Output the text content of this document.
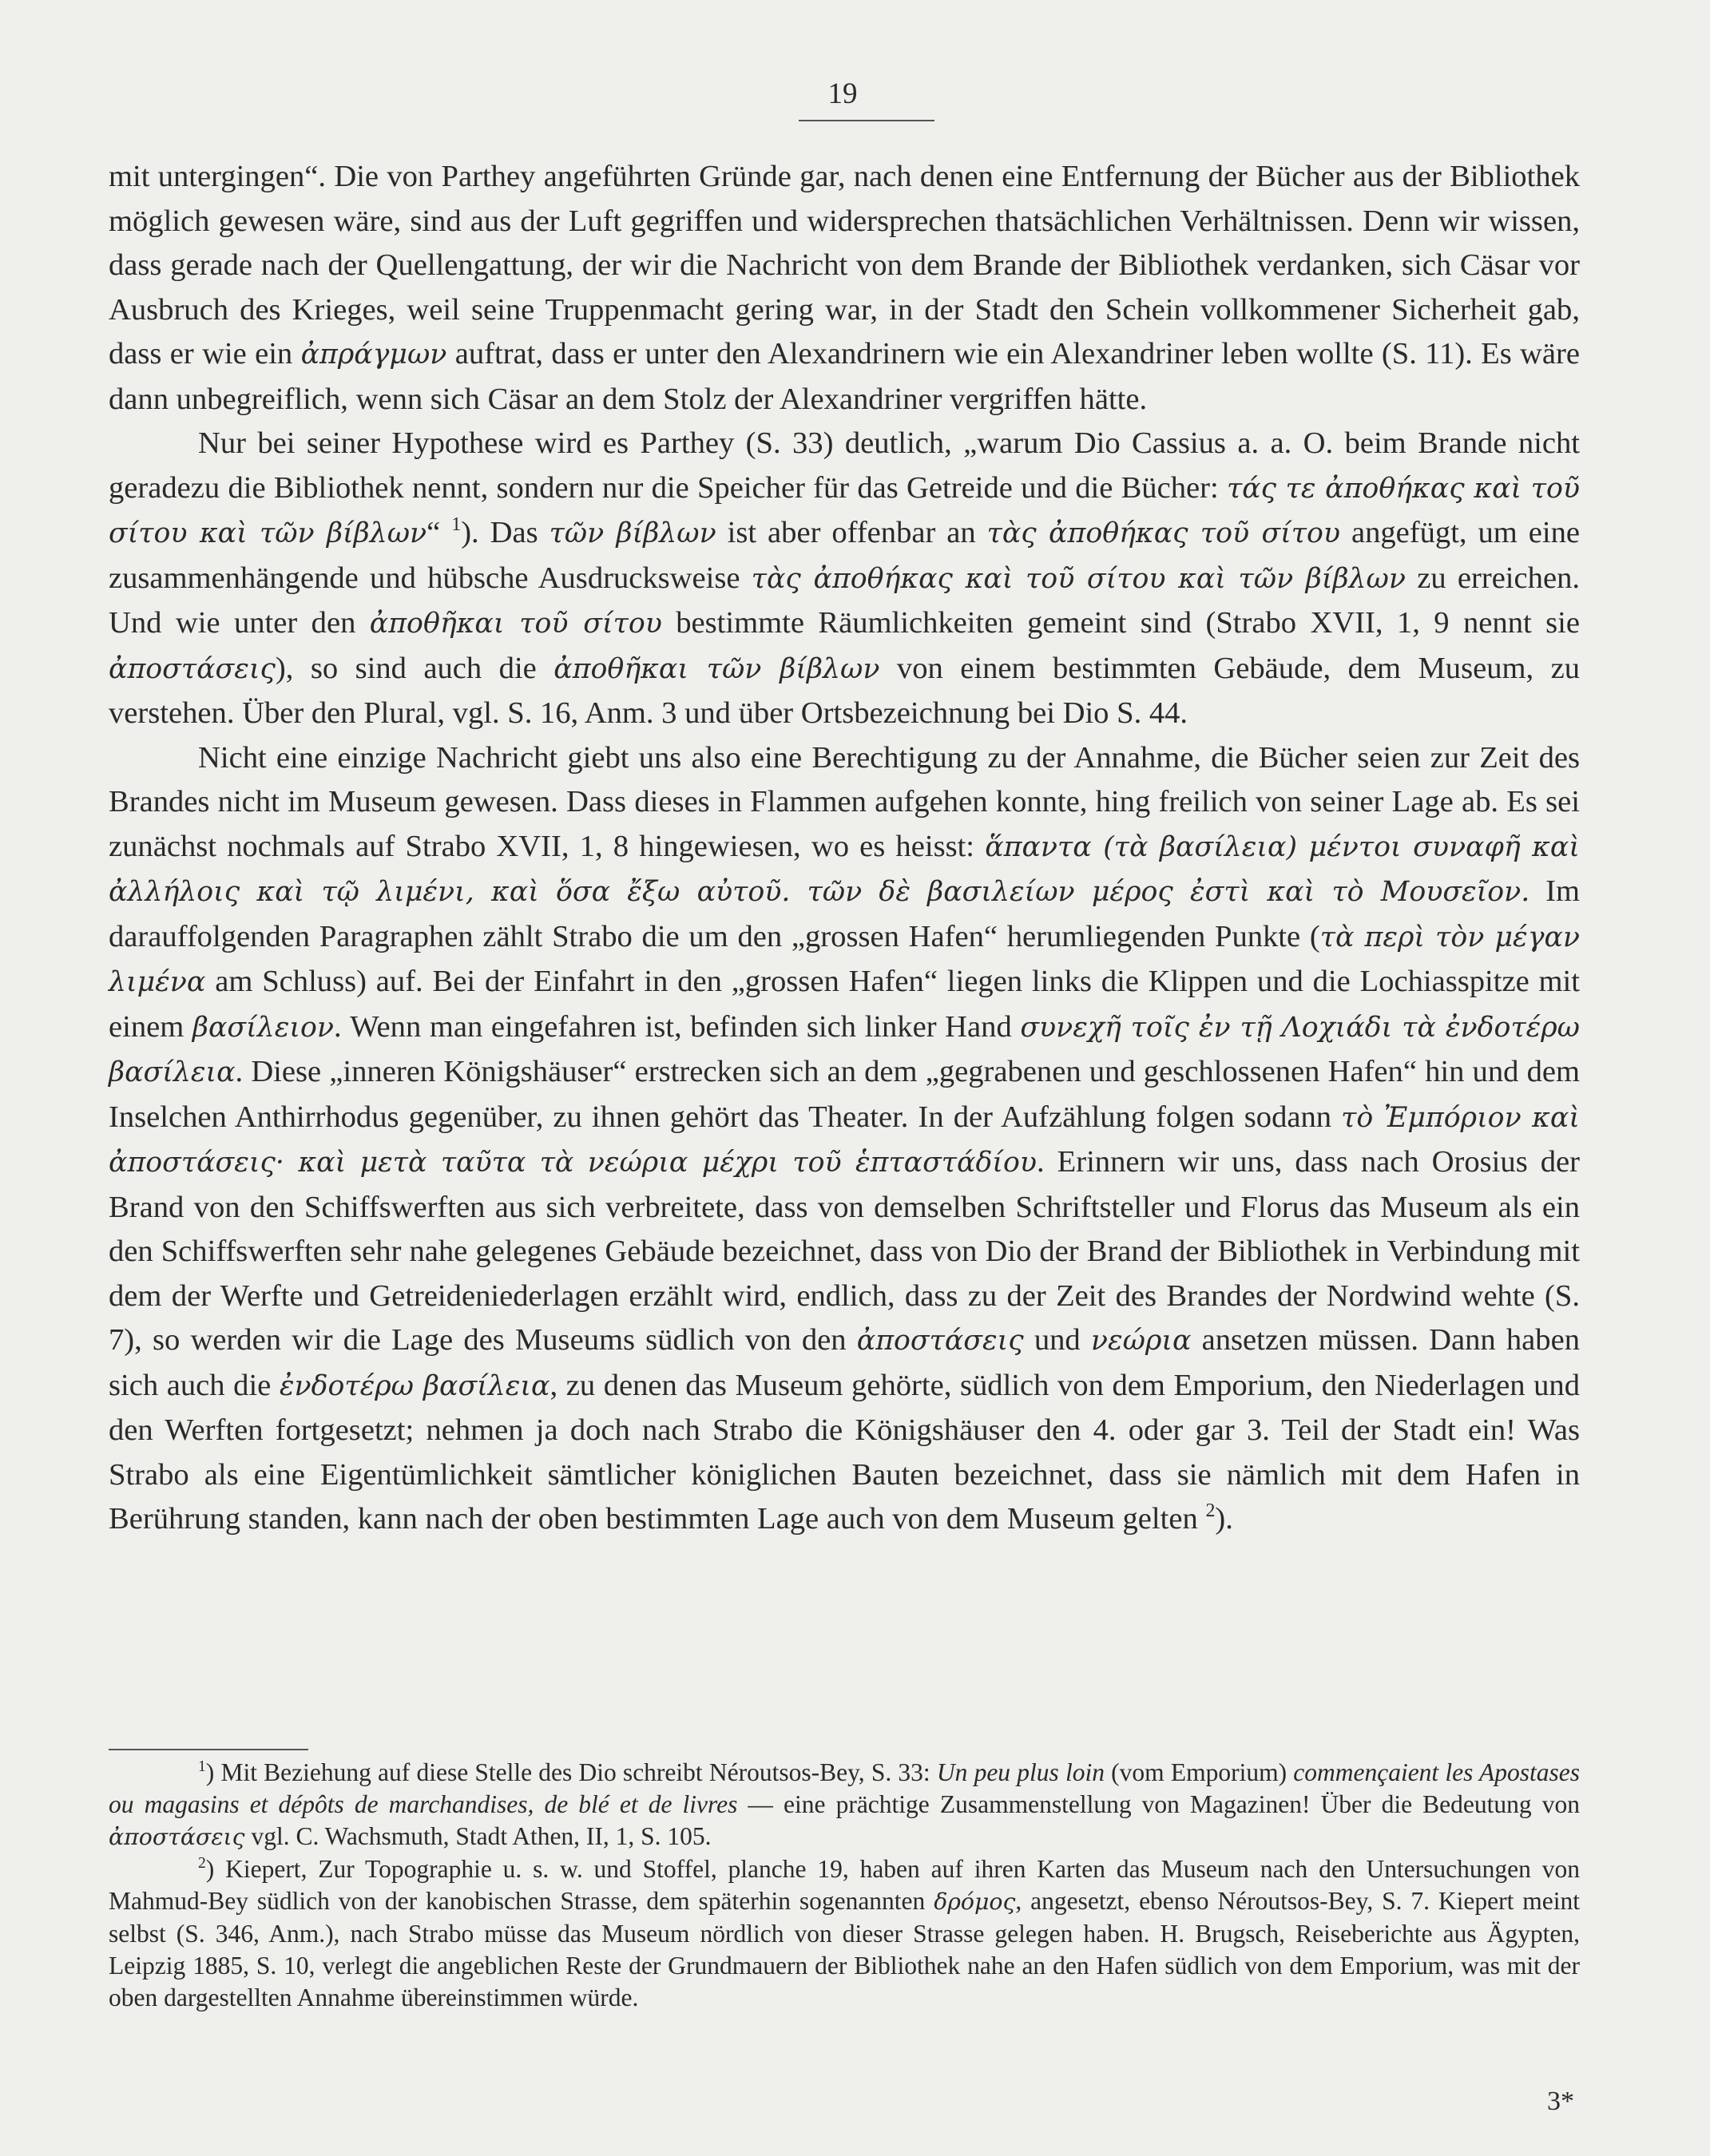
19

mit untergingen“. Die von Parthey angeführten Gründe gar, nach denen eine Entfernung der Bücher aus der Bibliothek möglich gewesen wäre, sind aus der Luft gegriffen und widersprechen thatsächlichen Verhältnissen. Denn wir wissen, dass gerade nach der Quellengattung, der wir die Nachricht von dem Brande der Bibliothek verdanken, sich Cäsar vor Ausbruch des Krieges, weil seine Truppenmacht gering war, in der Stadt den Schein vollkommener Sicherheit gab, dass er wie ein ἀπράγμων auftrat, dass er unter den Alexandrinern wie ein Alexandriner leben wollte (S. 11). Es wäre dann unbegreiflich, wenn sich Cäsar an dem Stolz der Alexandriner vergriffen hätte.

Nur bei seiner Hypothese wird es Parthey (S. 33) deutlich, „warum Dio Cassius a. a. O. beim Brande nicht geradezu die Bibliothek nennt, sondern nur die Speicher für das Getreide und die Bücher: τάς τε ἀποθήκας καὶ τοῦ σίτου καὶ τῶν βίβλων“ $^1$). Das τῶν βίβλων ist aber offenbar an τὰς ἀποθήκας τοῦ σίτου angefügt, um eine zusammenhängende und hübsche Ausdrucksweise τὰς ἀποθήκας καὶ τοῦ σίτου καὶ τῶν βίβλων zu erreichen. Und wie unter den ἀποθῆκαι τοῦ σίτου bestimmte Räumlichkeiten gemeint sind (Strabo XVII, 1, 9 nennt sie ἀποστάσεις), so sind auch die ἀποθῆκαι τῶν βίβλων von einem bestimmten Gebäude, dem Museum, zu verstehen. Über den Plural, vgl. S. 16, Anm. 3 und über Ortsbezeichnung bei Dio S. 44.

Nicht eine einzige Nachricht giebt uns also eine Berechtigung zu der Annahme, die Bücher seien zur Zeit des Brandes nicht im Museum gewesen. Dass dieses in Flammen aufgehen konnte, hing freilich von seiner Lage ab. Es sei zunächst nochmals auf Strabo XVII, 1, 8 hingewiesen, wo es heisst: ἅπαντα (τὰ βασίλεια) μέντοι συναφῆ καὶ ἀλλήλοις καὶ τῷ λιμένι, καὶ ὅσα ἔξω αὐτοῦ. τῶν δὲ βασιλείων μέρος ἐστὶ καὶ τὸ Μουσεῖον. Im darauffolgenden Paragraphen zählt Strabo die um den „grossen Hafen“ herumliegenden Punkte (τὰ περὶ τὸν μέγαν λιμένα am Schluss) auf. Bei der Einfahrt in den „grossen Hafen“ liegen links die Klippen und die Lochiasspitze mit einem βασίλειον. Wenn man eingefahren ist, befinden sich linker Hand συνεχῆ τοῖς ἐν τῇ Λοχιάδι τὰ ἐνδοτέρω βασίλεια. Diese „inneren Königshäuser“ erstrecken sich an dem „gegrabenen und geschlossenen Hafen“ hin und dem Inselchen Anthirrhodus gegenüber, zu ihnen gehört das Theater. In der Aufzählung folgen sodann τὸ Ἐμπόριον καὶ ἀποστάσεις· καὶ μετὰ ταῦτα τὰ νεώρια μέχρι τοῦ ἑπταστάδίου. Erinnern wir uns, dass nach Orosius der Brand von den Schiffswerften aus sich verbreitete, dass von demselben Schriftsteller und Florus das Museum als ein den Schiffswerften sehr nahe gelegenes Gebäude bezeichnet, dass von Dio der Brand der Bibliothek in Verbindung mit dem der Werfte und Getreideniederlagen erzählt wird, endlich, dass zu der Zeit des Brandes der Nordwind wehte (S. 7), so werden wir die Lage des Museums südlich von den ἀποστάσεις und νεώρια ansetzen müssen. Dann haben sich auch die ἐνδοτέρω βασίλεια, zu denen das Museum gehörte, südlich von dem Emporium, den Niederlagen und den Werften fortgesetzt; nehmen ja doch nach Strabo die Königshäuser den 4. oder gar 3. Teil der Stadt ein! Was Strabo als eine Eigentümlichkeit sämtlicher königlichen Bauten bezeichnet, dass sie nämlich mit dem Hafen in Berührung standen, kann nach der oben bestimmten Lage auch von dem Museum gelten $^2$).

$^1$) Mit Beziehung auf diese Stelle des Dio schreibt Néroutsos-Bey, S. 33: Un peu plus loin (vom Emporium) commençaient les Apostases ou magasins et dépôts de marchandises, de blé et de livres — eine prächtige Zusammenstellung von Magazinen! Über die Bedeutung von ἀποστάσεις vgl. C. Wachsmuth, Stadt Athen, II, 1, S. 105.

$^2$) Kiepert, Zur Topographie u. s. w. und Stoffel, planche 19, haben auf ihren Karten das Museum nach den Untersuchungen von Mahmud-Bey südlich von der kanobischen Strasse, dem späterhin sogenannten δρόμος, angesetzt, ebenso Néroutsos-Bey, S. 7. Kiepert meint selbst (S. 346, Anm.), nach Strabo müsse das Museum nördlich von dieser Strasse gelegen haben. H. Brugsch, Reiseberichte aus Ägypten, Leipzig 1885, S. 10, verlegt die angeblichen Reste der Grundmauern der Bibliothek nahe an den Hafen südlich von dem Emporium, was mit der oben dargestellten Annahme übereinstimmen würde.

3*
